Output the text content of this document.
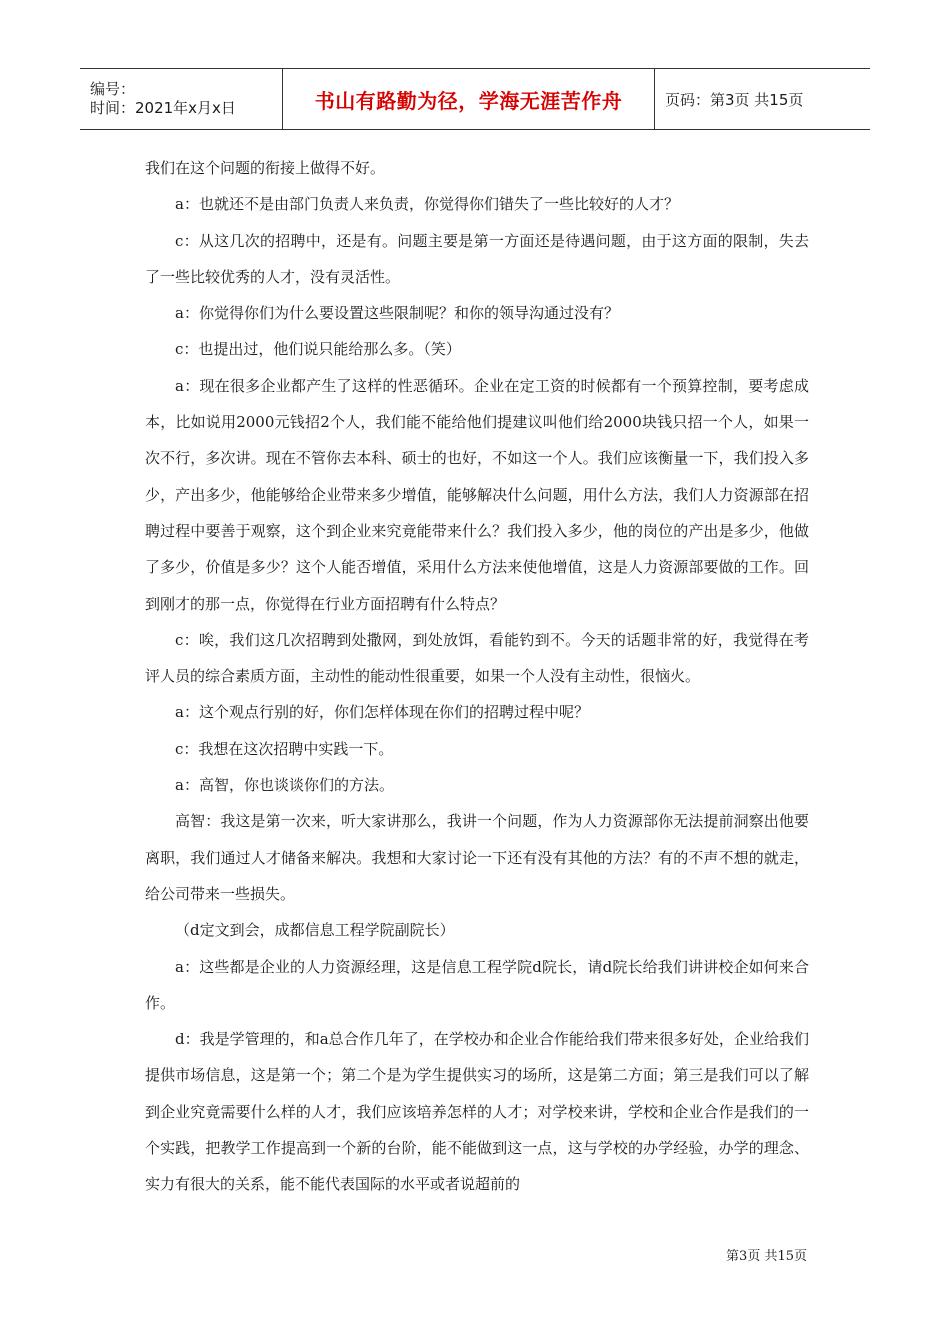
编号：
时间：2021年x月x日	书山有路勤为径，学海无涯苦作舟	页码：第3页 共15页

我们在这个问题的衔接上做得不好。

a：也就还不是由部门负责人来负责，你觉得你们错失了一些比较好的人才？

c：从这几次的招聘中，还是有。问题主要是第一方面还是待遇问题，由于这方面的限制，失去了一些比较优秀的人才，没有灵活性。

a：你觉得你们为什么要设置这些限制呢？和你的领导沟通过没有？

c：也提出过，他们说只能给那么多。（笑）

a：现在很多企业都产生了这样的性恶循环。企业在定工资的时候都有一个预算控制，要考虑成本，比如说用2000元钱招2个人，我们能不能给他们提建议叫他们给2000块钱只招一个人，如果一次不行，多次讲。现在不管你去本科、硕士的也好，不如这一个人。我们应该衡量一下，我们投入多少，产出多少，他能够给企业带来多少增值，能够解决什么问题，用什么方法，我们人力资源部在招聘过程中要善于观察，这个到企业来究竟能带来什么？我们投入多少，他的岗位的产出是多少，他做了多少，价值是多少？这个人能否增值，采用什么方法来使他增值，这是人力资源部要做的工作。回到刚才的那一点，你觉得在行业方面招聘有什么特点？

c：唉，我们这几次招聘到处撒网，到处放饵，看能钓到不。今天的话题非常的好，我觉得在考评人员的综合素质方面，主动性的能动性很重要，如果一个人没有主动性，很恼火。

a：这个观点行别的好，你们怎样体现在你们的招聘过程中呢？

c：我想在这次招聘中实践一下。

a：高智，你也谈谈你们的方法。

高智：我这是第一次来，听大家讲那么，我讲一个问题，作为人力资源部你无法提前洞察出他要离职，我们通过人才储备来解决。我想和大家讨论一下还有没有其他的方法？有的不声不想的就走，给公司带来一些损失。

（d定文到会，成都信息工程学院副院长）

a：这些都是企业的人力资源经理，这是信息工程学院d院长，请d院长给我们讲讲校企如何来合作。

d：我是学管理的，和a总合作几年了，在学校办和企业合作能给我们带来很多好处，企业给我们提供市场信息，这是第一个；第二个是为学生提供实习的场所，这是第二方面；第三是我们可以了解到企业究竟需要什么样的人才，我们应该培养怎样的人才；对学校来讲，学校和企业合作是我们的一个实践，把教学工作提高到一个新的台阶，能不能做到这一点，这与学校的办学经验，办学的理念、实力有很大的关系，能不能代表国际的水平或者说超前的

第3页 共15页
